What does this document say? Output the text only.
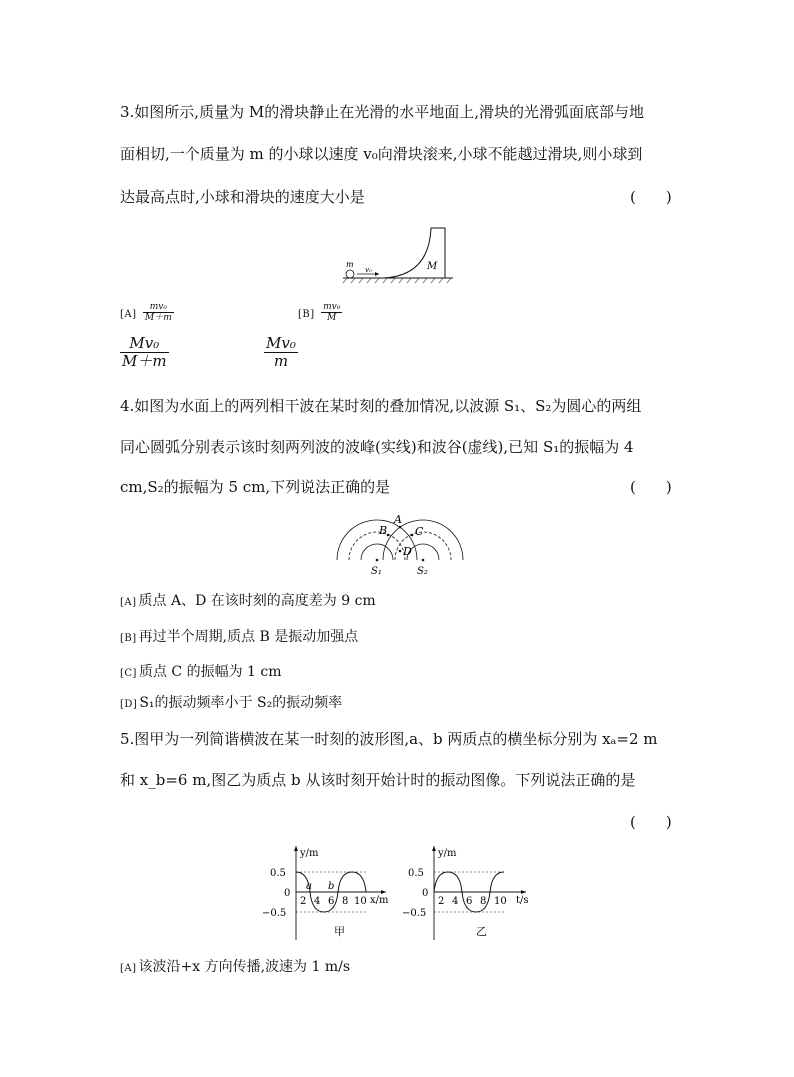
3.如图所示,质量为 M的滑块静止在光滑的水平地面上,滑块的光滑弧面底部与地
面相切,一个质量为 m 的小球以速度 v₀向滑块滚来,小球不能越过滑块,则小球到
达最高点时,小球和滑块的速度大小是	(　　)
m
v₀	M
$[A] \frac{\text{mv₀}}{M+m}$	$[B] \frac{\text{mv₀}}{M}$
$\frac{\text{Mv₀}}{M+m}$	$\frac{\text{Mv₀}}{m}$
4.如图为水面上的两列相干波在某时刻的叠加情况,以波源 S₁、S₂为圆心的两组
同心圆弧分别表示该时刻两列波的波峰(实线)和波谷(虚线),已知 S₁的振幅为 4
cm,S₂的振幅为 5 cm,下列说法正确的是	(　　)
A
B	C
D
S₁	S₂
[A] 质点 A、D 在该时刻的高度差为 9 cm
[B] 再过半个周期,质点 B 是振动加强点
[C] 质点 C 的振幅为 1 cm
[D] S₁的振动频率小于 S₂的振动频率
5.图甲为一列简谐横波在某一时刻的波形图,a、b 两质点的横坐标分别为 xₐ=2 m
和 x_b=6 m,图乙为质点 b 从该时刻开始计时的振动图像。下列说法正确的是
(　　)
y/m
x/m
0.5
0
−0.5
2 4 6 8 10
a b
甲
y/m
t/s
0.5
0
−0.5
2 4 6 8 10
乙
[A] 该波沿+x 方向传播,波速为 1 m/s
